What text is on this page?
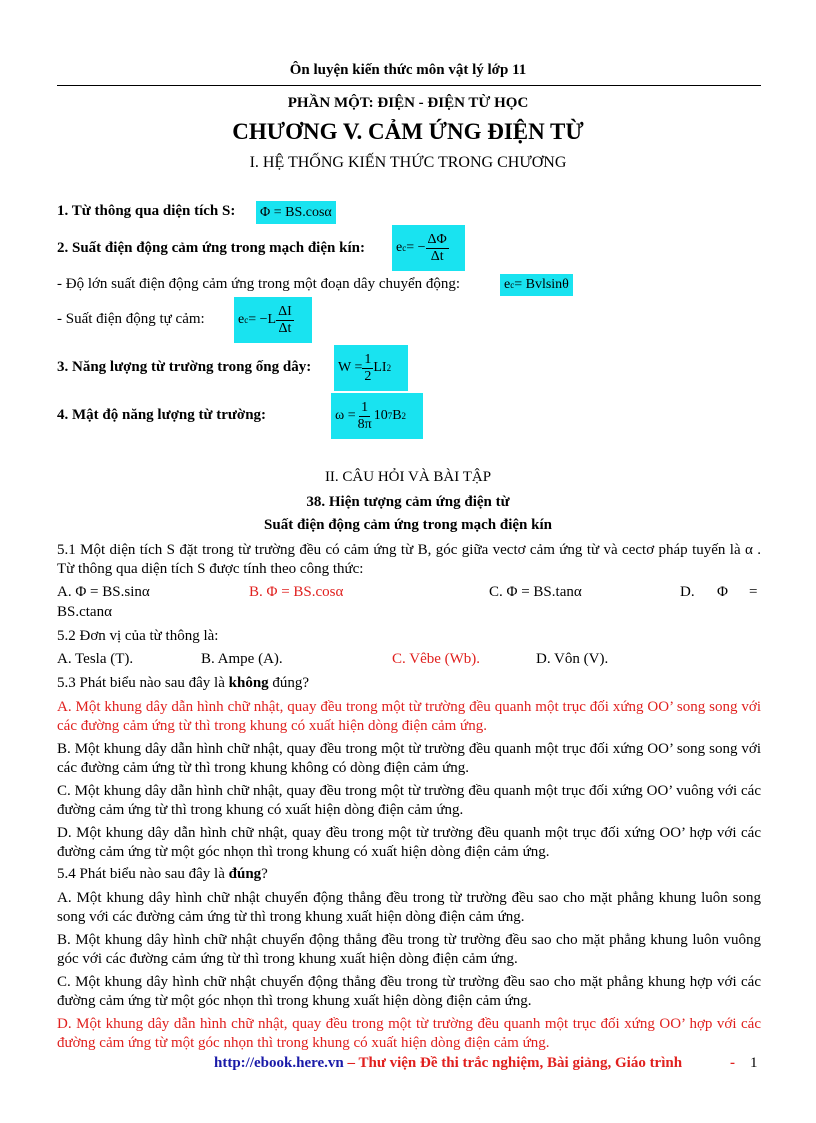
Ôn luyện kiến thức môn vật lý lớp 11
PHẦN MỘT: ĐIỆN - ĐIỆN TỪ HỌC
CHƯƠNG V. CẢM ỨNG ĐIỆN TỪ
I. HỆ THỐNG KIẾN THỨC TRONG CHƯƠNG
1. Từ thông qua diện tích S: Φ = BS.cosα
2. Suất điện động cảm ứng trong mạch điện kín: e c = − $\frac{\Delta\Phi}{\Delta t}$
- Độ lớn suất điện động cảm ứng trong một đoạn dây chuyển động:	e c = Bvlsinθ
- Suất điện động tự cảm: e $c = -L \frac{\Delta I}{\Delta t}$
3. Năng lượng từ trường trong ống dây: $W = \frac{1}{2}$ LI 2
4. Mật độ năng lượng từ trường:	$\omega = \frac{1}{8\pi} 10$ 7 B 2
II. CÂU HỎI VÀ BÀI TẬP
38. Hiện tượng cảm ứng điện từ
Suất điện động cảm ứng trong mạch điện kín
5.1 Một diện tích S đặt trong từ trường đều có cảm ứng từ B, góc giữa vectơ cảm ứng từ và cectơ pháp tuyến là α . Từ thông qua diện tích S được tính theo công thức:
A. Φ = BS.sinα	B. Φ = BS.cosα	C. Φ = BS.tanα	D. Φ =
BS.ctanα
5.2 Đơn vị của từ thông là:
A. Tesla (T).	B. Ampe (A).	C. Vêbe (Wb).	D. Vôn (V).
5.3 Phát biểu nào sau đây là không đúng?
A. Một khung dây dẫn hình chữ nhật, quay đều trong một từ trường đều quanh một trục đối xứng OO’ song song với các đường cảm ứng từ thì trong khung có xuất hiện dòng điện cảm ứng.
B. Một khung dây dẫn hình chữ nhật, quay đều trong một từ trường đều quanh một trục đối xứng OO’ song song với các đường cảm ứng từ thì trong khung không có dòng điện cảm ứng.
C. Một khung dây dẫn hình chữ nhật, quay đều trong một từ trường đều quanh một trục đối xứng OO’ vuông với các đường cảm ứng từ thì trong khung có xuất hiện dòng điện cảm ứng.
D. Một khung dây dẫn hình chữ nhật, quay đều trong một từ trường đều quanh một trục đối xứng OO’ hợp với các đường cảm ứng từ một góc nhọn thì trong khung có xuất hiện dòng điện cảm ứng.
5.4 Phát biểu nào sau đây là đúng?
A. Một khung dây hình chữ nhật chuyển động thẳng đều trong từ trường đều sao cho mặt phẳng khung luôn song song với các đường cảm ứng từ thì trong khung xuất hiện dòng điện cảm ứng.
B. Một khung dây hình chữ nhật chuyển động thẳng đều trong từ trường đều sao cho mặt phẳng khung luôn vuông góc với các đường cảm ứng từ thì trong khung xuất hiện dòng điện cảm ứng.
C. Một khung dây hình chữ nhật chuyển động thẳng đều trong từ trường đều sao cho mặt phẳng khung hợp với các đường cảm ứng từ một góc nhọn thì trong khung xuất hiện dòng điện cảm ứng.
D. Một khung dây dẫn hình chữ nhật, quay đều trong một từ trường đều quanh một trục đối xứng OO’ hợp với các đường cảm ứng từ một góc nhọn thì trong khung có xuất hiện dòng điện cảm ứng.
http://ebook.here.vn – Thư viện Đề thi trắc nghiệm, Bài giảng, Giáo trình	- 1
